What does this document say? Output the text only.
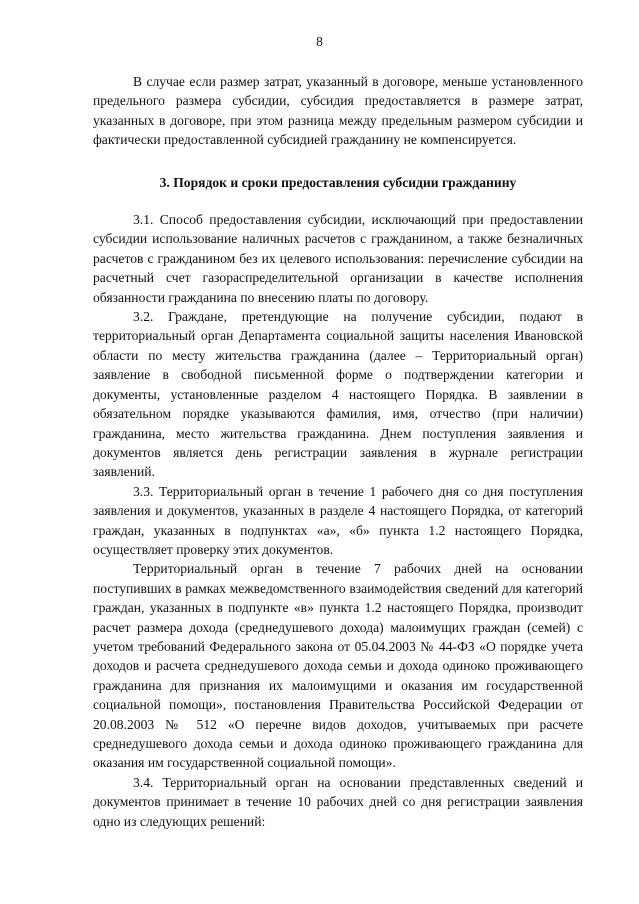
8

В случае если размер затрат, указанный в договоре, меньше установленного предельного размера субсидии, субсидия предоставляется в размере затрат, указанных в договоре, при этом разница между предельным размером субсидии и фактически предоставленной субсидией гражданину не компенсируется.

3. Порядок и сроки предоставления субсидии гражданину

3.1. Способ предоставления субсидии, исключающий при предоставлении субсидии использование наличных расчетов с гражданином, а также безналичных расчетов с гражданином без их целевого использования: перечисление субсидии на расчетный счет газораспределительной организации в качестве исполнения обязанности гражданина по внесению платы по договору.

3.2. Граждане, претендующие на получение субсидии, подают в территориальный орган Департамента социальной защиты населения Ивановской области по месту жительства гражданина (далее – Территориальный орган) заявление в свободной письменной форме о подтверждении категории и документы, установленные разделом 4 настоящего Порядка. В заявлении в обязательном порядке указываются фамилия, имя, отчество (при наличии) гражданина, место жительства гражданина. Днем поступления заявления и документов является день регистрации заявления в журнале регистрации заявлений.

3.3. Территориальный орган в течение 1 рабочего дня со дня поступления заявления и документов, указанных в разделе 4 настоящего Порядка, от категорий граждан, указанных в подпунктах «а», «б» пункта 1.2 настоящего Порядка, осуществляет проверку этих документов.

Территориальный орган в течение 7 рабочих дней на основании поступивших в рамках межведомственного взаимодействия сведений для категорий граждан, указанных в подпункте «в» пункта 1.2 настоящего Порядка, производит расчет размера дохода (среднедушевого дохода) малоимущих граждан (семей) с учетом требований Федерального закона от 05.04.2003 № 44-ФЗ «О порядке учета доходов и расчета среднедушевого дохода семьи и дохода одиноко проживающего гражданина для признания их малоимущими и оказания им государственной социальной помощи», постановления Правительства Российской Федерации от 20.08.2003 № 512 «О перечне видов доходов, учитываемых при расчете среднедушевого дохода семьи и дохода одиноко проживающего гражданина для оказания им государственной социальной помощи».

3.4. Территориальный орган на основании представленных сведений и документов принимает в течение 10 рабочих дней со дня регистрации заявления одно из следующих решений:
